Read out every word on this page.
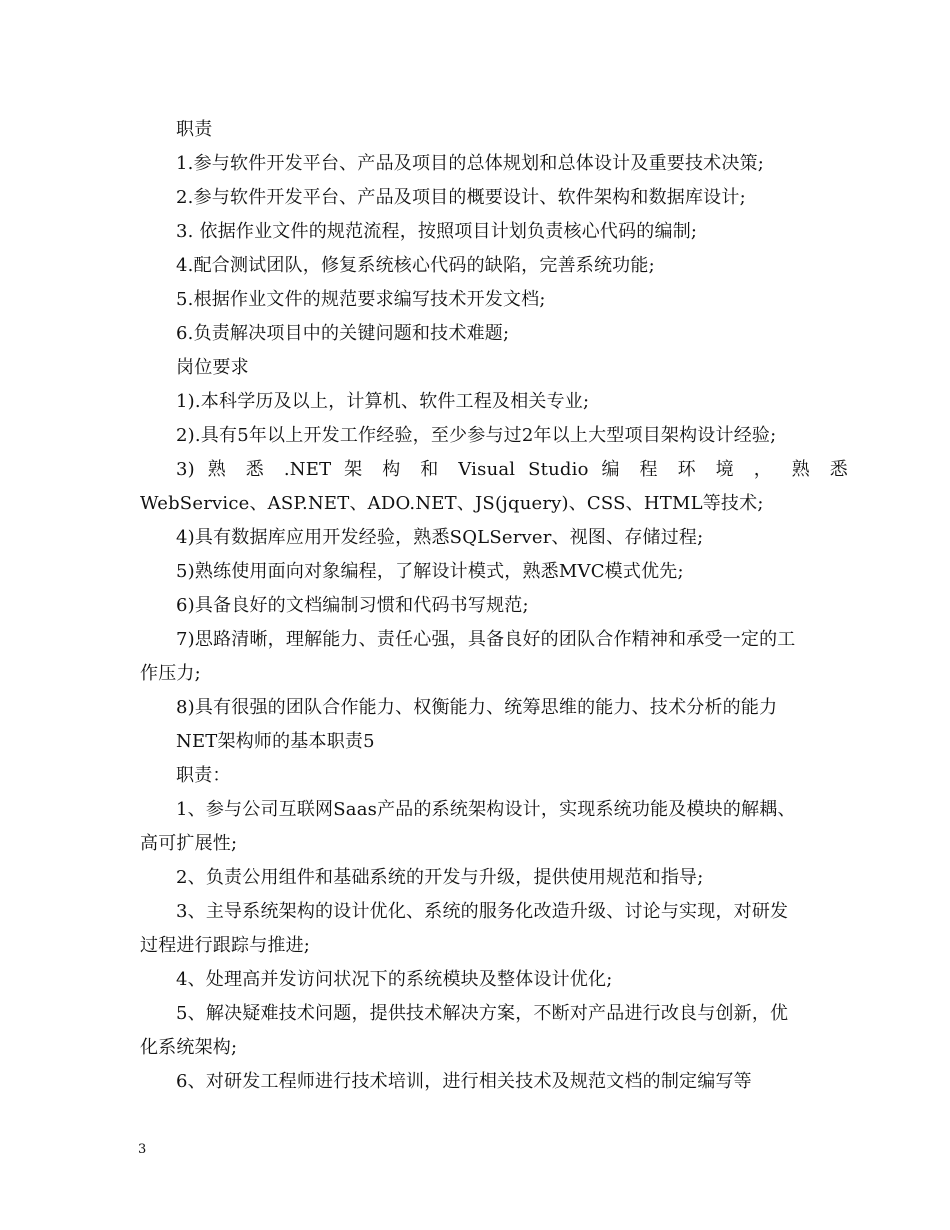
职责
1.参与软件开发平台、产品及项目的总体规划和总体设计及重要技术决策;
2.参与软件开发平台、产品及项目的概要设计、软件架构和数据库设计;
3. 依据作业文件的规范流程，按照项目计划负责核心代码的编制;
4.配合测试团队，修复系统核心代码的缺陷，完善系统功能;
5.根据作业文件的规范要求编写技术开发文档;
6.负责解决项目中的关键问题和技术难题;
岗位要求
1).本科学历及以上，计算机、软件工程及相关专业;
2).具有5年以上开发工作经验，至少参与过2年以上大型项目架构设计经验;
3) 熟 悉 .NET 架 构 和 Visual Studio 编 程 环 境 ， 熟 悉
WebService、ASP.NET、ADO.NET、JS(jquery)、CSS、HTML等技术;
4)具有数据库应用开发经验，熟悉SQLServer、视图、存储过程;
5)熟练使用面向对象编程，了解设计模式，熟悉MVC模式优先;
6)具备良好的文档编制习惯和代码书写规范;
7)思路清晰，理解能力、责任心强，具备良好的团队合作精神和承受一定的工
作压力;
8)具有很强的团队合作能力、权衡能力、统筹思维的能力、技术分析的能力
NET架构师的基本职责5
职责：
1、参与公司互联网Saas产品的系统架构设计，实现系统功能及模块的解耦、
高可扩展性;
2、负责公用组件和基础系统的开发与升级，提供使用规范和指导;
3、主导系统架构的设计优化、系统的服务化改造升级、讨论与实现，对研发
过程进行跟踪与推进;
4、处理高并发访问状况下的系统模块及整体设计优化;
5、解决疑难技术问题，提供技术解决方案，不断对产品进行改良与创新，优
化系统架构;
6、对研发工程师进行技术培训，进行相关技术及规范文档的制定编写等
3
